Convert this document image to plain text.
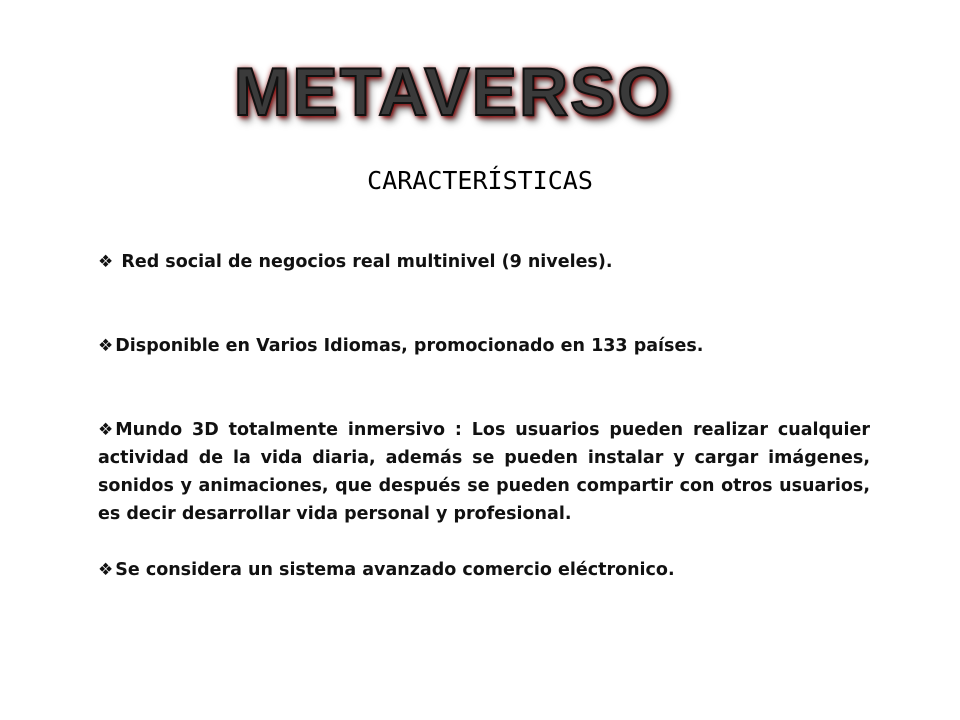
METAVERSO
CARACTERÍSTICAS

❖ Red social de negocios real multinivel (9 niveles).

❖ Disponible en Varios Idiomas, promocionado en 133 países.

❖ Mundo 3D totalmente inmersivo : Los usuarios pueden realizar cualquier actividad de la vida diaria, además se pueden instalar y cargar imágenes, sonidos y animaciones, que después se pueden compartir con otros usuarios, es decir desarrollar vida personal y profesional.

❖ Se considera un sistema avanzado comercio eléctronico.
